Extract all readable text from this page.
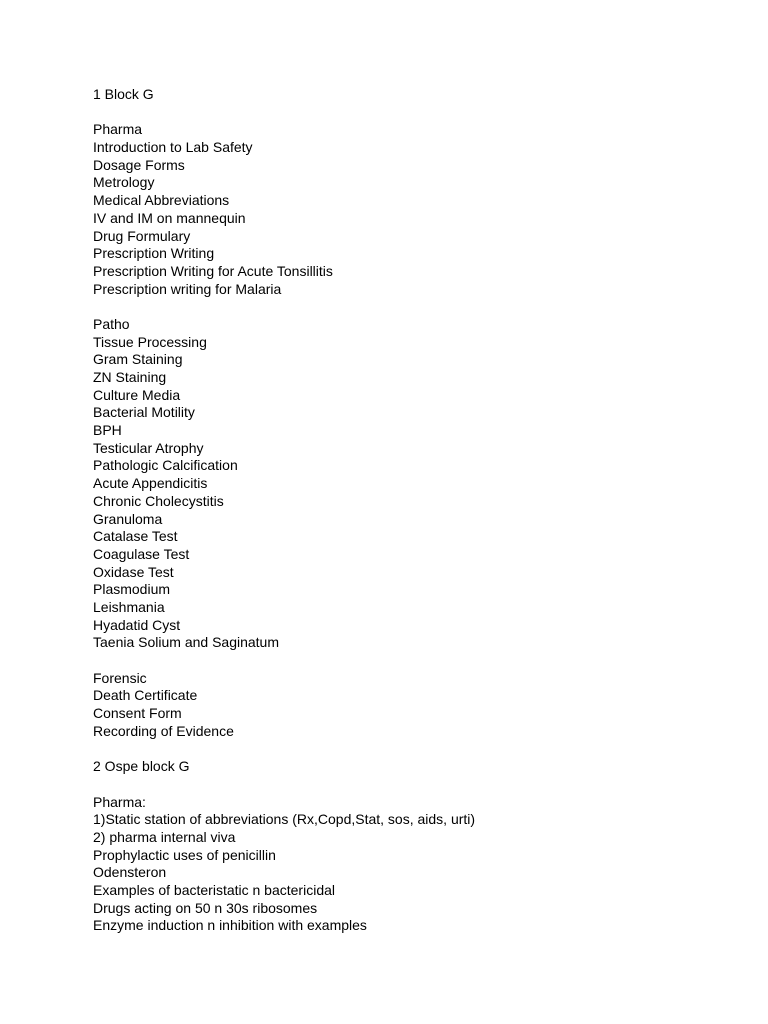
1 Block G
Pharma
Introduction to Lab Safety
Dosage Forms
Metrology
Medical Abbreviations
IV and IM on mannequin
Drug Formulary
Prescription Writing
Prescription Writing for Acute Tonsillitis
Prescription writing for Malaria
Patho
Tissue Processing
Gram Staining
ZN Staining
Culture Media
Bacterial Motility
BPH
Testicular Atrophy
Pathologic Calcification
Acute Appendicitis
Chronic Cholecystitis
Granuloma
Catalase Test
Coagulase Test
Oxidase Test
Plasmodium
Leishmania
Hyadatid Cyst
Taenia Solium and Saginatum
Forensic
Death Certificate
Consent Form
Recording of Evidence
2 Ospe block G
Pharma:
1)Static station of abbreviations (Rx,Copd,Stat, sos, aids, urti)
2) pharma internal viva
Prophylactic uses of penicillin
Odensteron
Examples of bacteristatic n bactericidal
Drugs acting on 50 n 30s ribosomes
Enzyme induction n inhibition with examples
